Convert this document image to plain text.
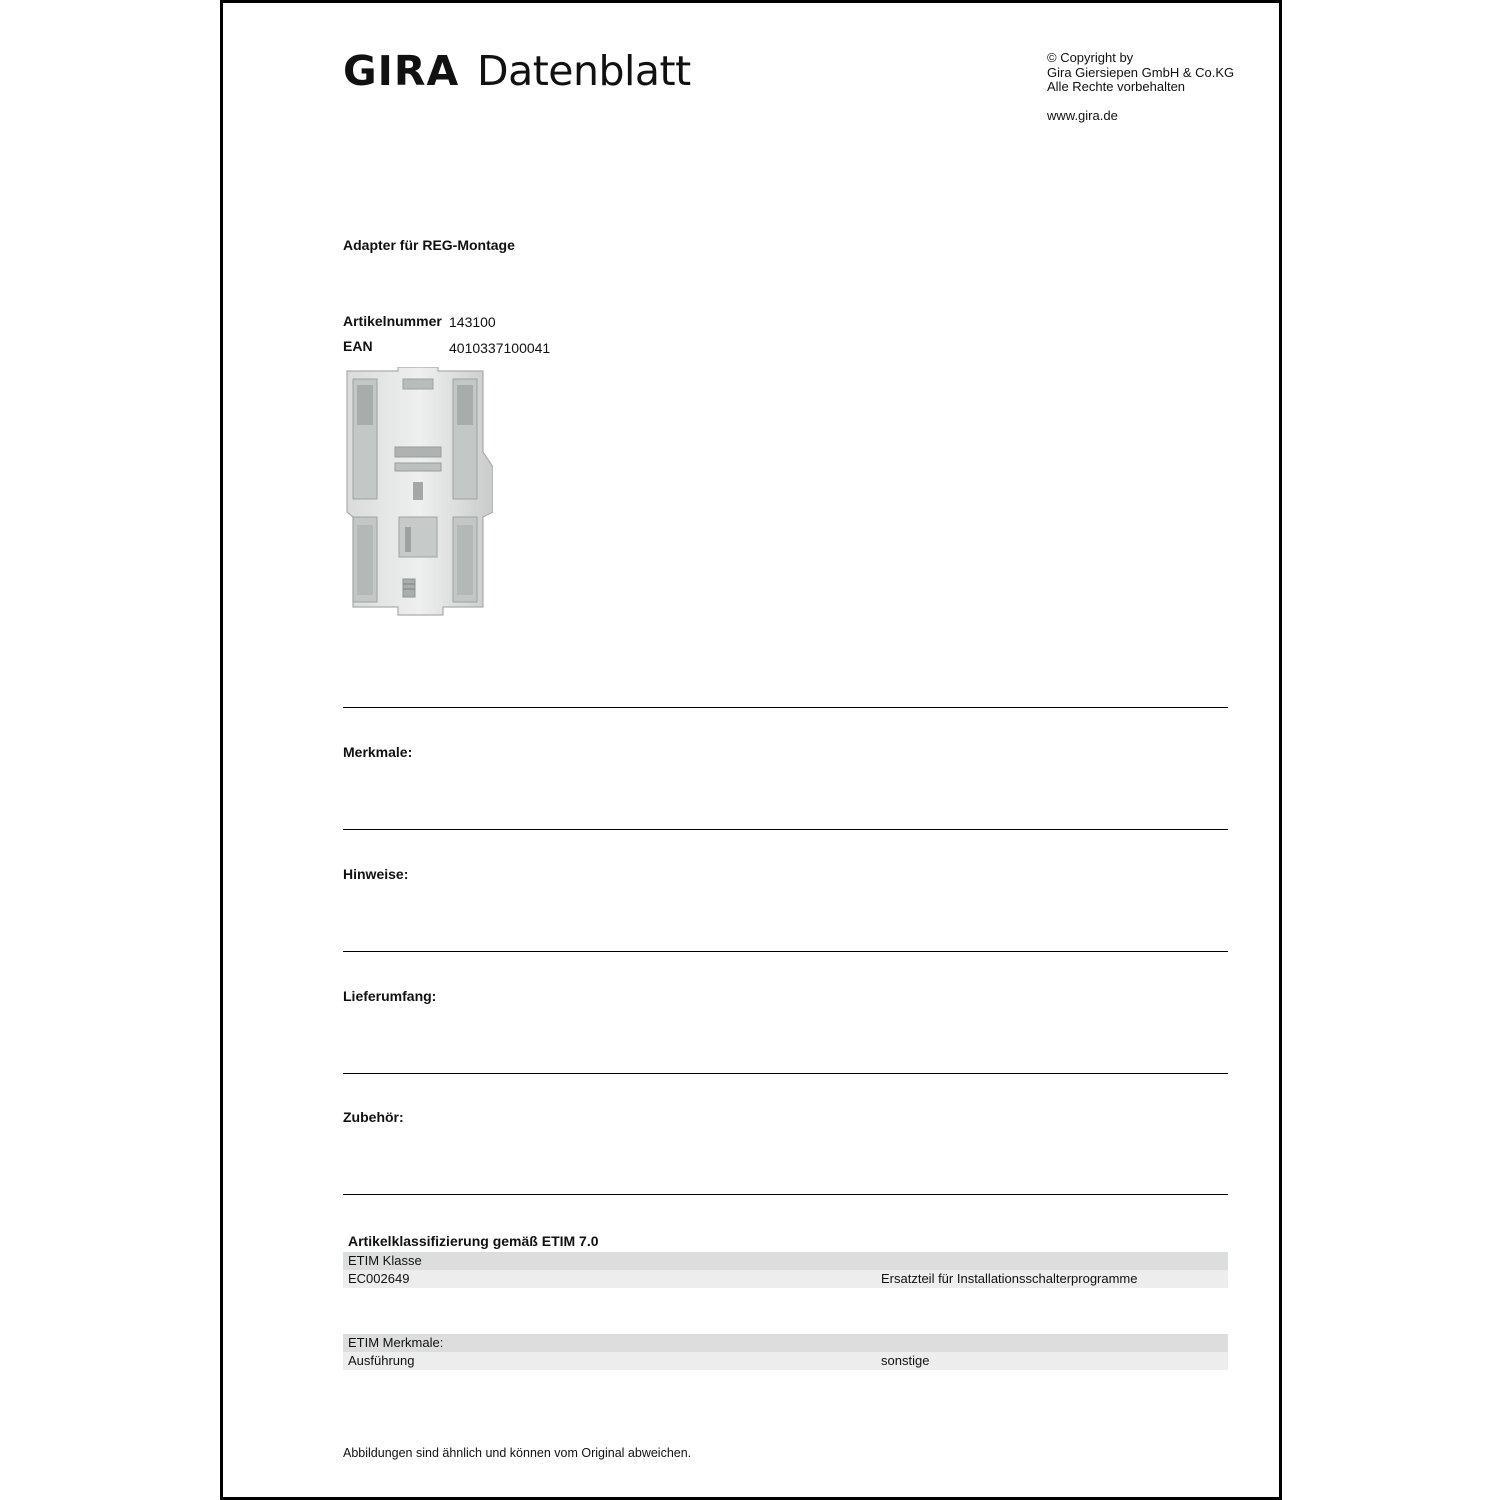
GIRA Datenblatt	© Copyright by
Gira Giersiepen GmbH & Co.KG
Alle Rechte vorbehalten
www.gira.de
Adapter für REG-Montage
Artikelnummer 143100
EAN	4010337100041
Merkmale:
Hinweise:
Lieferumfang:
Zubehör:
Artikelklassifizierung gemäß ETIM 7.0
ETIM Klasse
EC002649	Ersatzteil für Installationsschalterprogramme
ETIM Merkmale:
Ausführung	sonstige
Abbildungen sind ähnlich und können vom Original abweichen.
